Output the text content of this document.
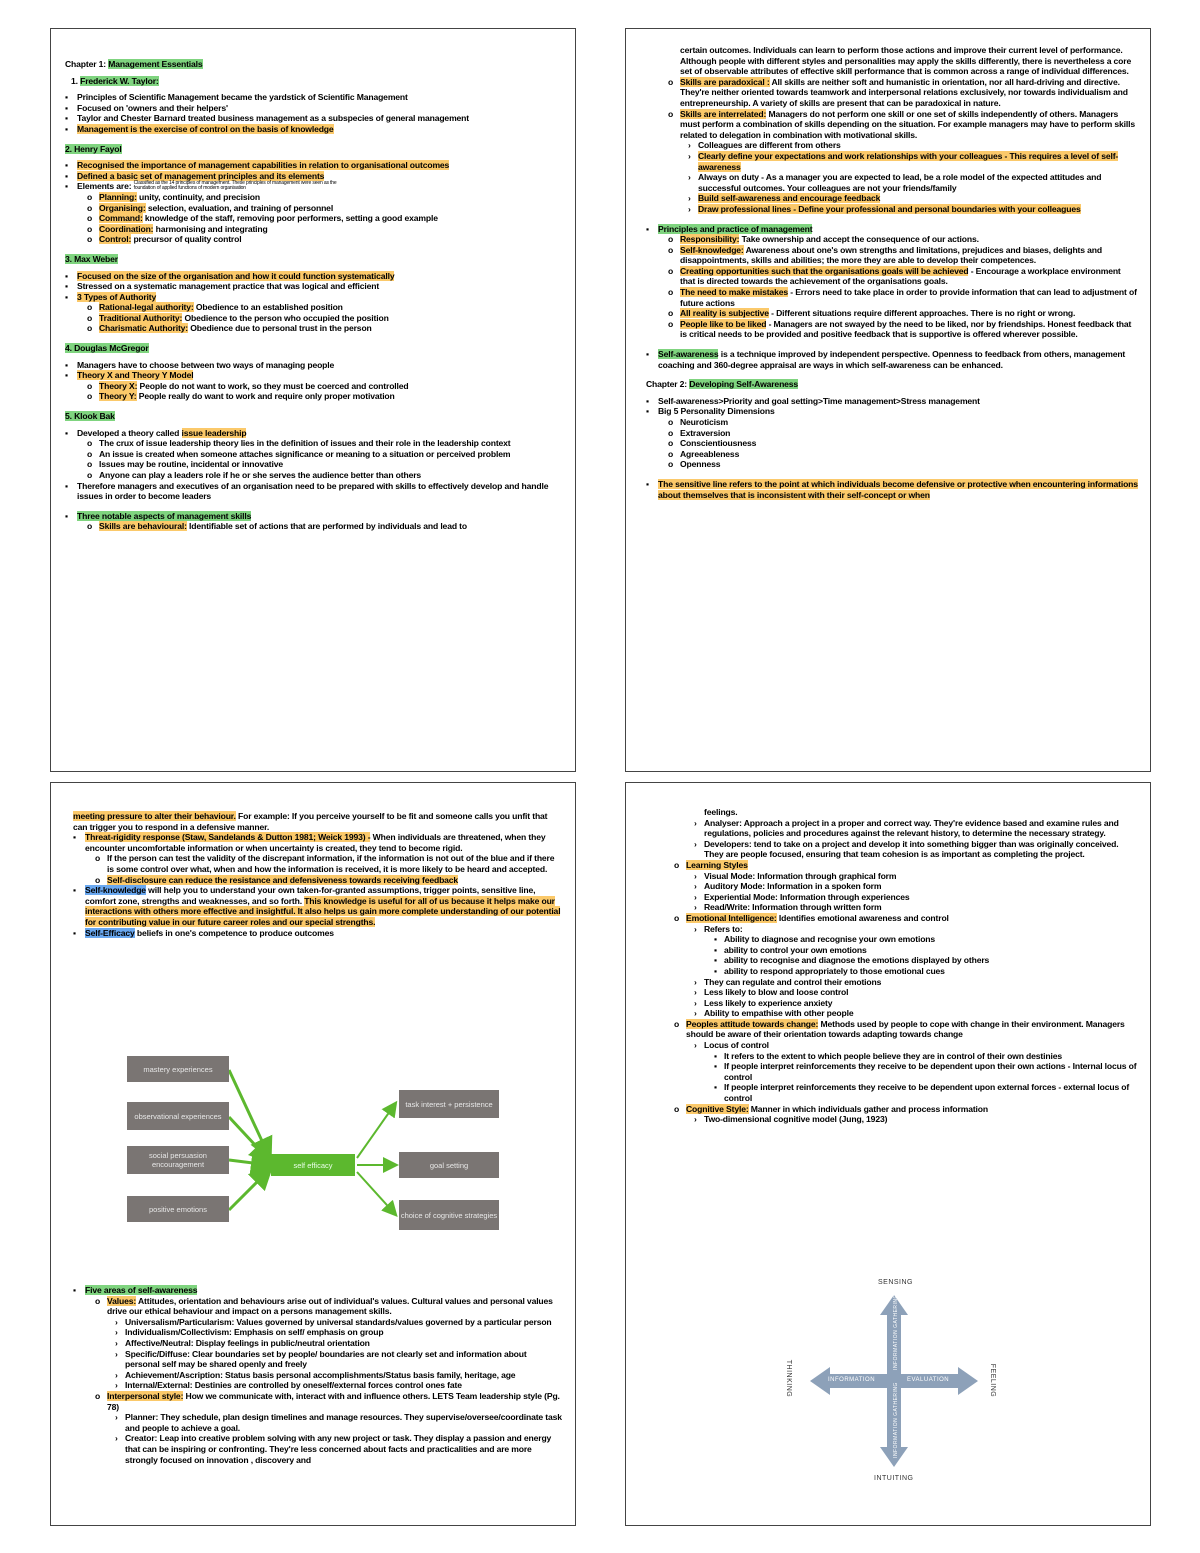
Chapter 1: Management Essentials
1. Frederick W. Taylor:
▪ Principles of Scientific Management became the yardstick of Scientific Management
▪ Focused on 'owners and their helpers'
▪ Taylor and Chester Barnard treated business management as a subspecies of general management
▪ Management is the exercise of control on the basis of knowledge
2. Henry Fayol
▪ Recognised the importance of management capabilities in relation to organisational outcomes
▪ Defined a basic set of management principles and its elements
▪ Elements are: Classified as the 14 principles of management. These principles of management were seen as the foundation of applied functions of modern organisation
o Planning: unity, continuity, and precision
o Organising: selection, evaluation, and training of personnel
o Command: knowledge of the staff, removing poor performers, setting a good example
o Coordination: harmonising and integrating
o Control: precursor of quality control
3. Max Weber
▪ Focused on the size of the organisation and how it could function systematically
▪ Stressed on a systematic management practice that was logical and efficient
▪ 3 Types of Authority
o Rational-legal authority: Obedience to an established position
o Traditional Authority: Obedience to the person who occupied the position
o Charismatic Authority: Obedience due to personal trust in the person
4. Douglas McGregor
▪ Managers have to choose between two ways of managing people
▪ Theory X and Theory Y Model
o Theory X: People do not want to work, so they must be coerced and controlled
o Theory Y: People really do want to work and require only proper motivation
5. Klook Bak
▪ Developed a theory called issue leadership
o The crux of issue leadership theory lies in the definition of issues and their role in the leadership context
o An issue is created when someone attaches significance or meaning to a situation or perceived problem
o Issues may be routine, incidental or innovative
o Anyone can play a leaders role if he or she serves the audience better than others
▪ Therefore managers and executives of an organisation need to be prepared with skills to effectively develop and handle issues in order to become leaders
▪ Three notable aspects of management skills
o Skills are behavioural: Identifiable set of actions that are performed by individuals and lead to
certain outcomes. Individuals can learn to perform those actions and improve their current level of performance. Although people with different styles and personalities may apply the skills differently, there is nevertheless a core set of observable attributes of effective skill performance that is common across a range of individual differences.
o Skills are paradoxical : All skills are neither soft and humanistic in orientation, nor all hard-driving and directive. They're neither oriented towards teamwork and interpersonal relations exclusively, nor towards individualism and entrepreneurship. A variety of skills are present that can be paradoxical in nature.
o Skills are interrelated: Managers do not perform one skill or one set of skills independently of others. Managers must perform a combination of skills depending on the situation. For example managers may have to perform skills related to delegation in combination with motivational skills.
› Colleagues are different from others
› Clearly define your expectations and work relationships with your colleagues - This requires a level of self-awareness
› Always on duty - As a manager you are expected to lead, be a role model of the expected attitudes and successful outcomes. Your colleagues are not your friends/family
› Build self-awareness and encourage feedback
› Draw professional lines - Define your professional and personal boundaries with your colleagues
▪ Principles and practice of management
o Responsibility: Take ownership and accept the consequence of our actions.
o Self-knowledge: Awareness about one's own strengths and limitations, prejudices and biases, delights and disappointments, skills and abilities; the more they are able to develop their competences.
o Creating opportunities such that the organisations goals will be achieved - Encourage a workplace environment that is directed towards the achievement of the organisations goals.
o The need to make mistakes - Errors need to take place in order to provide information that can lead to adjustment of future actions
o All reality is subjective - Different situations require different approaches. There is no right or wrong.
o People like to be liked - Managers are not swayed by the need to be liked, nor by friendships. Honest feedback that is critical needs to be provided and positive feedback that is supportive is offered wherever possible.
▪ Self-awareness is a technique improved by independent perspective. Openness to feedback from others, management coaching and 360-degree appraisal are ways in which self-awareness can be enhanced.
Chapter 2: Developing Self-Awareness
▪ Self-awareness>Priority and goal setting>Time management>Stress management
▪ Big 5 Personality Dimensions
o Neuroticism
o Extraversion
o Conscientiousness
o Agreeableness
o Openness
▪ The sensitive line refers to the point at which individuals become defensive or protective when encountering informations about themselves that is inconsistent with their self-concept or when
meeting pressure to alter their behaviour. For example: If you perceive yourself to be fit and someone calls you unfit that can trigger you to respond in a defensive manner.
▪ Threat-rigidity response (Staw, Sandelands & Dutton 1981; Weick 1993) - When individuals are threatened, when they encounter uncomfortable information or when uncertainty is created, they tend to become rigid.
o If the person can test the validity of the discrepant information, if the information is not out of the blue and if there is some control over what, when and how the information is received, it is more likely to be heard and accepted.
o Self-disclosure can reduce the resistance and defensiveness towards receiving feedback
▪ Self-knowledge will help you to understand your own taken-for-granted assumptions, trigger points, sensitive line, comfort zone, strengths and weaknesses, and so forth. This knowledge is useful for all of us because it helps make our interactions with others more effective and insightful. It also helps us gain more complete understanding of our potential for contributing value in our future career roles and our special strengths.
▪ Self-Efficacy beliefs in one's competence to produce outcomes
mastery experiences
observational experiences
social persuasion encouragement
positive emotions
self efficacy
task interest + persistence
goal setting
choice of cognitive strategies
▪ Five areas of self-awareness
o Values: Attitudes, orientation and behaviours arise out of individual's values. Cultural values and personal values drive our ethical behaviour and impact on a persons management skills.
› Universalism/Particularism: Values governed by universal standards/values governed by a particular person
› Individualism/Collectivism: Emphasis on self/ emphasis on group
› Affective/Neutral: Display feelings in public/neutral orientation
› Specific/Diffuse: Clear boundaries set by people/ boundaries are not clearly set and information about personal self may be shared openly and freely
› Achievement/Ascription: Status basis personal accomplishments/Status basis family, heritage, age
› Internal/External: Destinies are controlled by oneself/external forces control ones fate
o Interpersonal style: How we communicate with, interact with and influence others. LETS Team leadership style (Pg. 78)
› Planner: They schedule, plan design timelines and manage resources. They supervise/oversee/coordinate task and people to achieve a goal.
› Creator: Leap into creative problem solving with any new project or task. They display a passion and energy that can be inspiring or confronting. They're less concerned about facts and practicalities and are more strongly focused on innovation , discovery and
feelings.
› Analyser: Approach a project in a proper and correct way. They're evidence based and examine rules and regulations, policies and procedures against the relevant history, to determine the necessary strategy.
› Developers: tend to take on a project and develop it into something bigger than was originally conceived. They are people focused, ensuring that team cohesion is as important as completing the project.
o Learning Styles
› Visual Mode: Information through graphical form
› Auditory Mode: Information in a spoken form
› Experiential Mode: Information through experiences
› Read/Write: Information through written form
o Emotional Intelligence: Identifies emotional awareness and control
› Refers to:
▪ Ability to diagnose and recognise your own emotions
▪ ability to control your own emotions
▪ ability to recognise and diagnose the emotions displayed by others
▪ ability to respond appropriately to those emotional cues
› They can regulate and control their emotions
› Less likely to blow and loose control
› Less likely to experience anxiety
› Ability to empathise with other people
o Peoples attitude towards change: Methods used by people to cope with change in their environment. Managers should be aware of their orientation towards adapting towards change
› Locus of control
▪ It refers to the extent to which people believe they are in control of their own destinies
▪ If people interpret reinforcements they receive to be dependent upon their own actions - Internal locus of control
▪ If people interpret reinforcements they receive to be dependent upon external forces - external locus of control
o Cognitive Style: Manner in which individuals gather and process information
› Two-dimensional cognitive model (Jung, 1923)
SENSING
INTUITING
THINKING	FEELING
INFORMATION	EVALUATION
INFORMATION GATHERING
INFORMATION GATHERING
